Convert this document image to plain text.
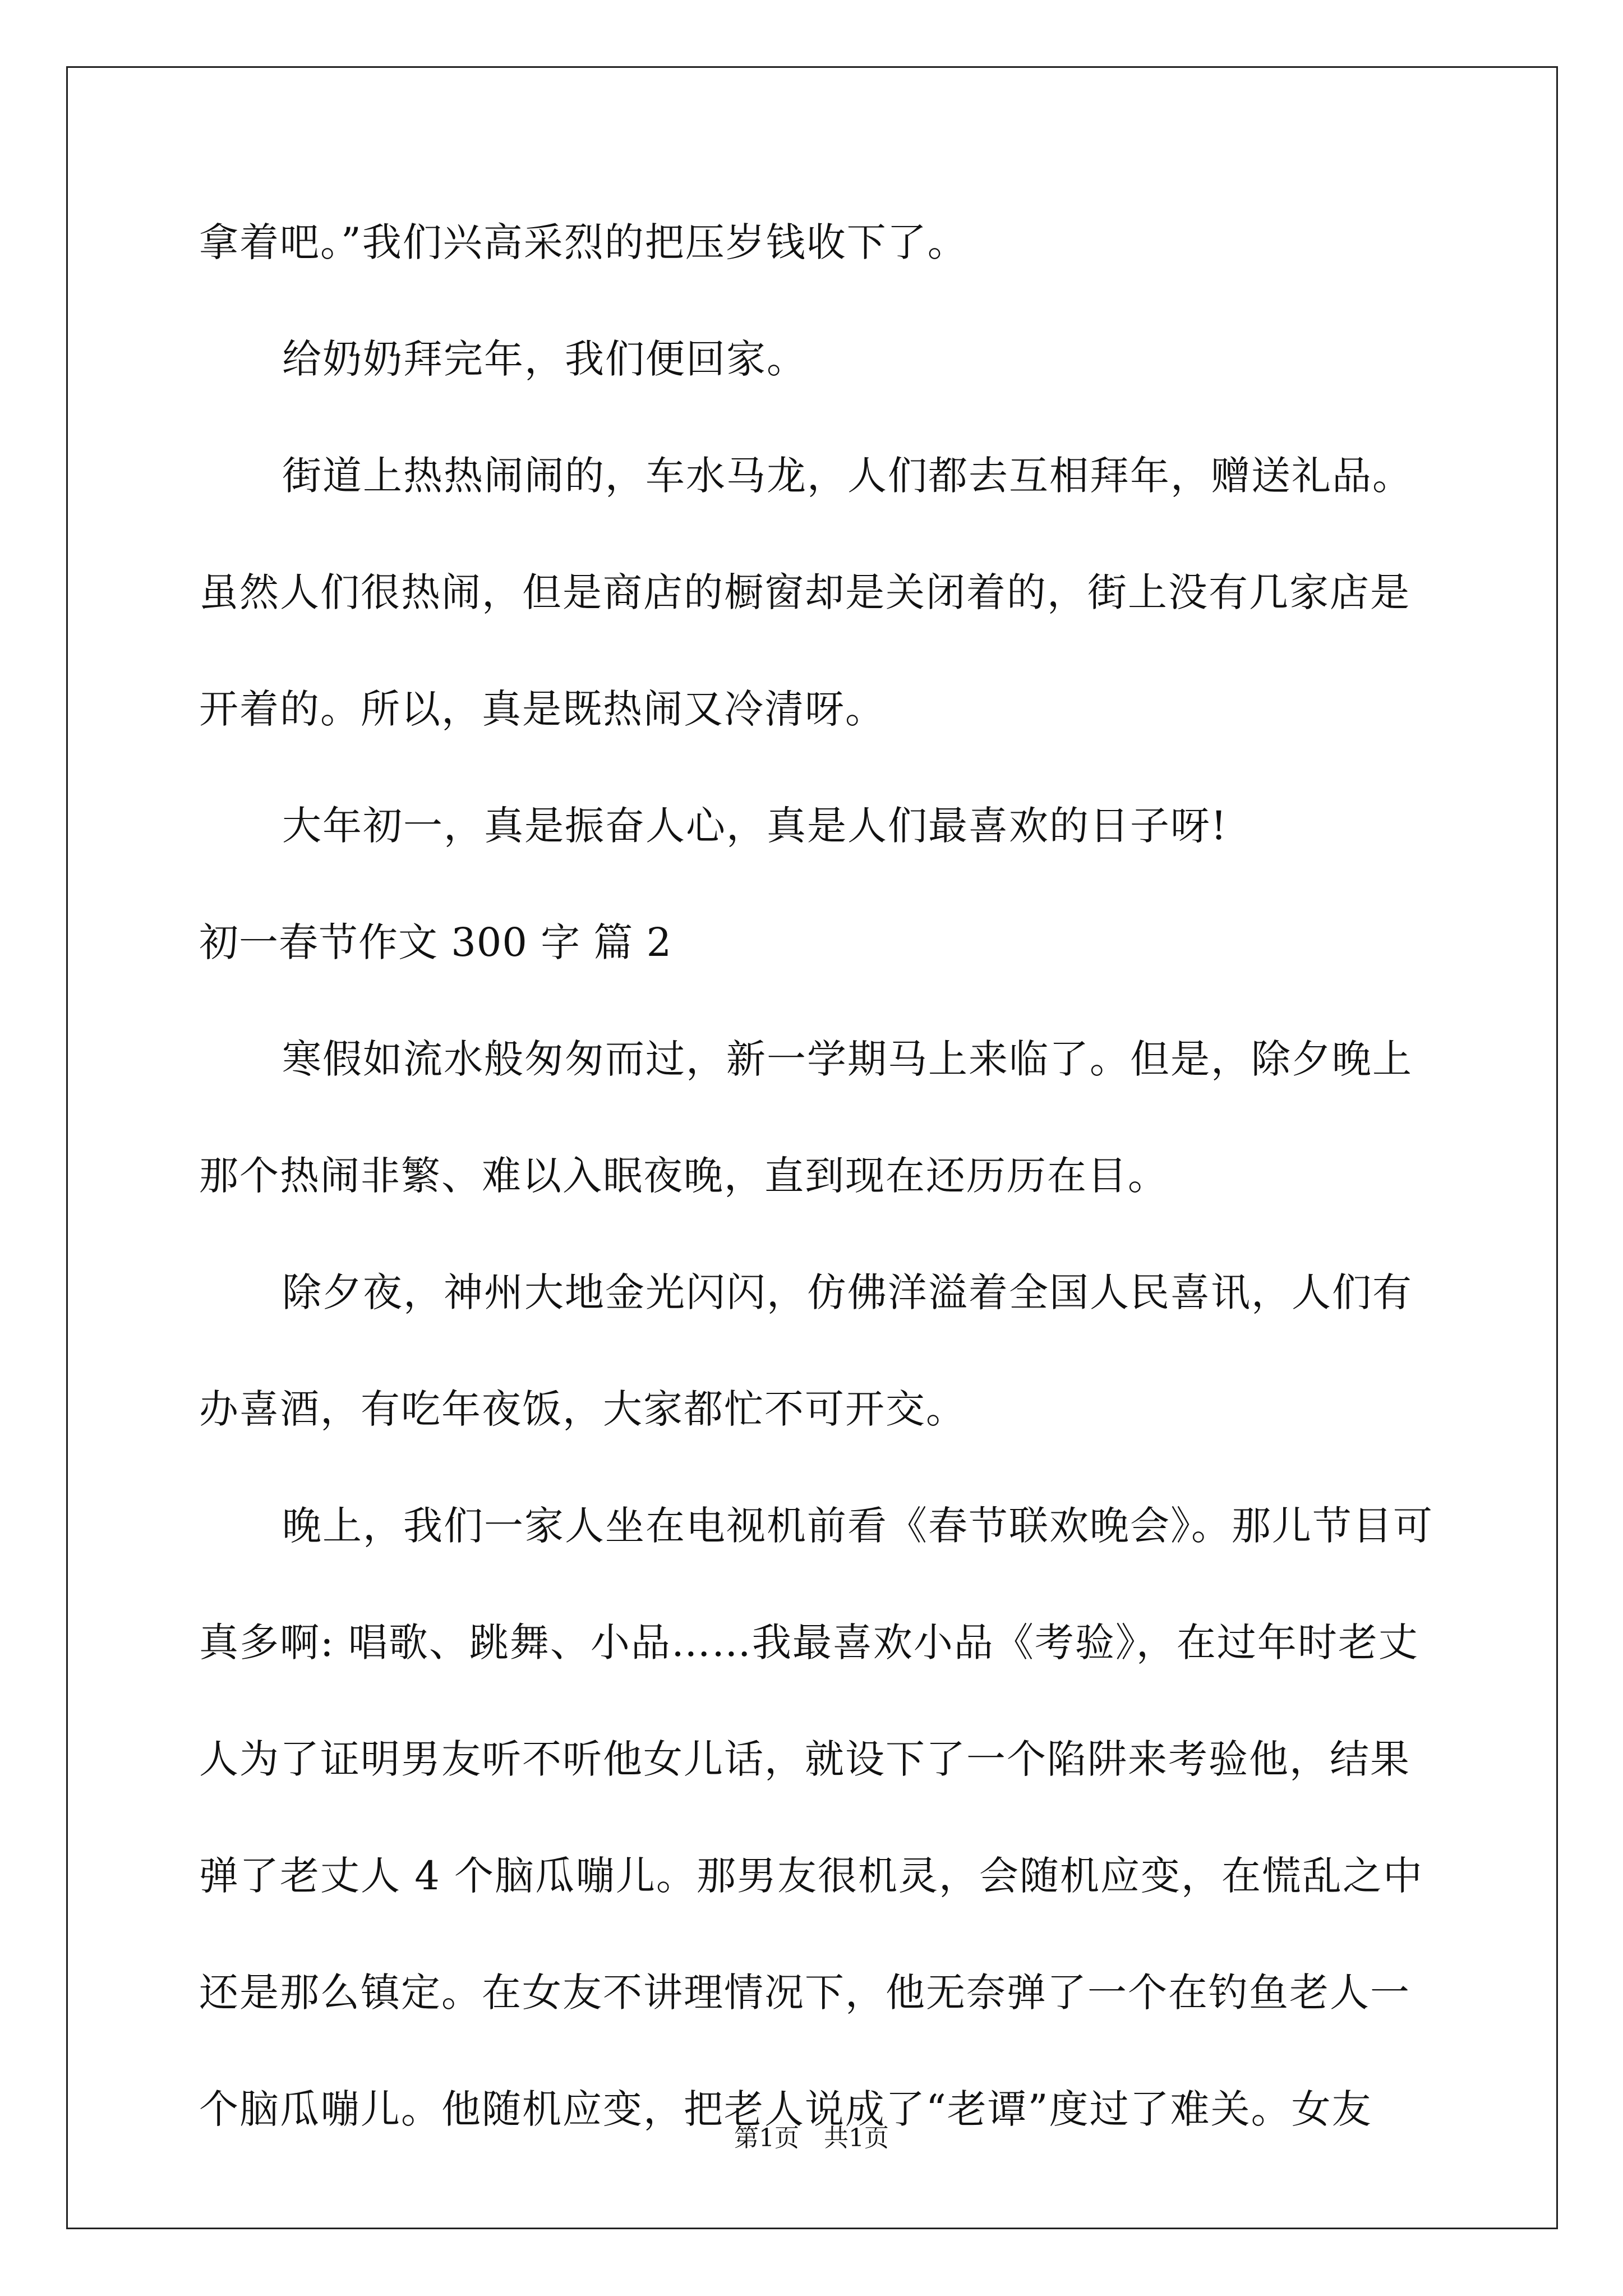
拿着吧。”我们兴高采烈的把压岁钱收下了。
给奶奶拜完年，我们便回家。
街道上热热闹闹的，车水马龙，人们都去互相拜年，赠送礼品。
虽然人们很热闹，但是商店的橱窗却是关闭着的，街上没有几家店是
开着的。所以，真是既热闹又冷清呀。
大年初一，真是振奋人心，真是人们最喜欢的日子呀!
初一春节作文 300 字 篇 2
寒假如流水般匆匆而过，新一学期马上来临了。但是，除夕晚上
那个热闹非繁、难以入眠夜晚，直到现在还历历在目。
除夕夜，神州大地金光闪闪，仿佛洋溢着全国人民喜讯，人们有
办喜酒，有吃年夜饭，大家都忙不可开交。
晚上，我们一家人坐在电视机前看《春节联欢晚会》。那儿节目可
真多啊: 唱歌、跳舞、小品……我最喜欢小品《考验》，在过年时老丈
人为了证明男友听不听他女儿话，就设下了一个陷阱来考验他，结果
弹了老丈人 4 个脑瓜嘣儿。那男友很机灵，会随机应变，在慌乱之中
还是那么镇定。在女友不讲理情况下，他无奈弹了一个在钓鱼老人一
个脑瓜嘣儿。他随机应变，把老人说成了“老谭”度过了难关。女友
第1页　共1页
